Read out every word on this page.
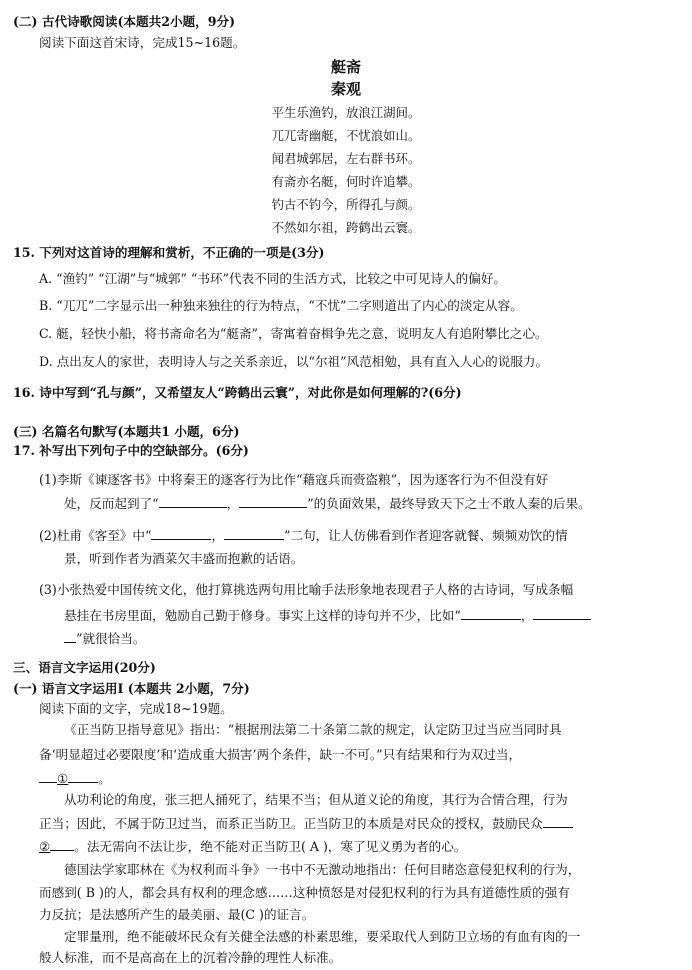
(二) 古代诗歌阅读(本题共2小题，9分)
阅读下面这首宋诗，完成15~16题。
艇斋
秦观
平生乐渔钓，放浪江湖间。
兀兀寄幽艇，不忧浪如山。
闻君城郭居，左右群书环。
有斋亦名艇，何时许追攀。
钓古不钓今，所得孔与颜。
不然如尔祖，跨鹤出云寰。
15. 下列对这首诗的理解和赏析，不正确的一项是(3分)
A. “渔钓” “江湖”与“城郭” “书环”代表不同的生活方式，比较之中可见诗人的偏好。
B. “兀兀”二字显示出一种独来独往的行为特点，“不忧”二字则道出了内心的淡定从容。
C. 艇，轻快小船，将书斋命名为“艇斋”，寄寓着奋楫争先之意，说明友人有追附攀比之心。
D. 点出友人的家世，表明诗人与之关系亲近，以“尔祖”风范相勉，具有直入人心的说服力。
16. 诗中写到“孔与颜”，又希望友人“跨鹤出云寰”，对此你是如何理解的?(6分)
(三) 名篇名句默写(本题共1 小题，6分)
17. 补写出下列句子中的空缺部分。(6分)
(1)李斯《谏逐客书》中将秦王的逐客行为比作“藉寇兵而赍盗粮”，因为逐客行为不但没有好
处，反而起到了“	，	”的负面效果，最终导致天下之士不敢人秦的后果。
(2)杜甫《客至》中“	，	”二句，让人仿佛看到作者迎客就餐、频频劝饮的情
景，听到作者为酒菜欠丰盛而抱歉的话语。
(3)小张热爱中国传统文化，他打算挑选两句用比喻手法形象地表现君子人格的古诗词，写成条幅
悬挂在书房里面，勉励自己勤于修身。事实上这样的诗句并不少，比如“	，
”就很恰当。
三、语言文字运用(20分)
(一) 语言文字运用Ⅰ (本题共 2小题，7分)
阅读下面的文字，完成18~19题。
《正当防卫指导意见》指出：“根据刑法第二十条第二款的规定，认定防卫过当应当同时具
备‘明显超过必要限度’和‘造成重大损害’两个条件，缺一不可。”只有结果和行为双过当，
① 。
从功利论的角度，张三把人捅死了，结果不当；但从道义论的角度，其行为合情合理，行为
正当；因此，不属于防卫过当，而系正当防卫。正当防卫的本质是对民众的授权，鼓励民众
② 。法无需向不法让步，绝不能对正当防卫( A )，寒了见义勇为者的心。
德国法学家耶林在《为权利而斗争》一书中不无激动地指出：任何目睹恣意侵犯权利的行为，
而感到( B )的人，都会具有权利的理念感……这种愤怒是对侵犯权利的行为具有道德性质的强有
力反抗；是法感所产生的最美丽、最(C )的证言。
定罪量刑，绝不能破坏民众有关健全法感的朴素思维，要采取代人到防卫立场的有血有肉的一
般人标准，而不是高高在上的沉着冷静的理性人标准。
